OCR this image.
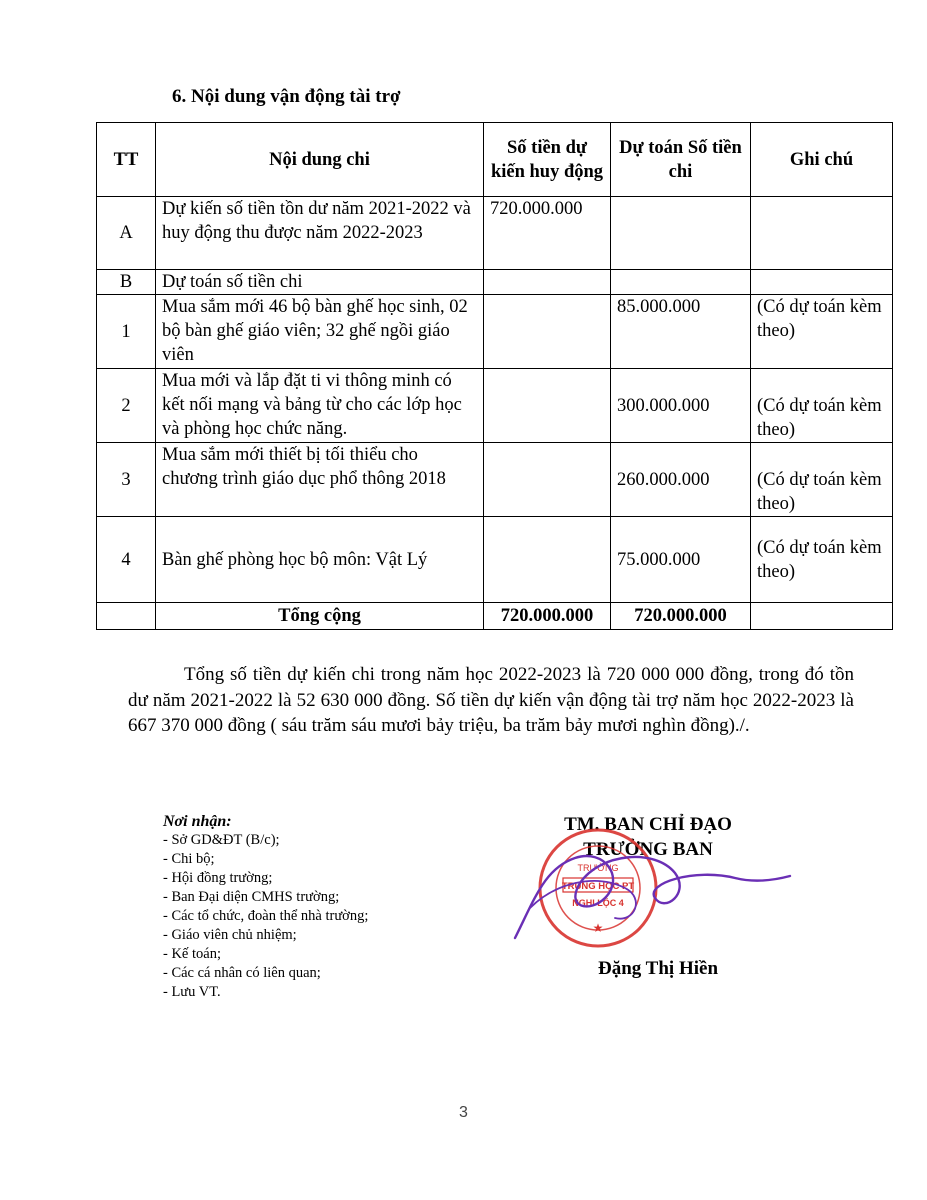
6. Nội dung vận động tài trợ
TT	Nội dung chi	Số tiền dự kiến huy động	Dự toán Số tiền chi	Ghi chú
A	Dự kiến số tiền tồn dư năm 2021-2022 và huy động thu được năm 2022-2023	720.000.000		
B	Dự toán số tiền chi			
1	Mua sắm mới 46 bộ bàn ghế học sinh, 02 bộ bàn ghế giáo viên; 32 ghế ngồi giáo viên		85.000.000	(Có dự toán kèm theo)
2	Mua mới và lắp đặt ti vi thông minh có kết nối mạng và bảng từ cho các lớp học và phòng học chức năng.		300.000.000	(Có dự toán kèm theo)
3	Mua sắm mới thiết bị tối thiểu cho chương trình giáo dục phổ thông 2018		260.000.000	(Có dự toán kèm theo)
4	Bàn ghế phòng học bộ môn: Vật Lý		75.000.000	(Có dự toán kèm theo)
	Tổng cộng	720.000.000	720.000.000	
Tổng số tiền dự kiến chi trong năm học 2022-2023 là 720 000 000 đồng, trong đó tồn dư năm 2021-2022 là 52 630 000 đồng. Số tiền dự kiến vận động tài trợ năm học 2022-2023 là 667 370 000 đồng ( sáu trăm sáu mươi bảy triệu, ba trăm bảy mươi nghìn đồng)./.
Nơi nhận:
- Sở GD&ĐT (B/c);
- Chi bộ;
- Hội đồng trường;
- Ban Đại diện CMHS trường;
- Các tổ chức, đoàn thể nhà trường;
- Giáo viên chủ nhiệm;
- Kế toán;
- Các cá nhân có liên quan;
- Lưu VT.
TM. BAN CHỈ ĐẠO
TRƯỞNG BAN
TRƯỜNG
TRUNG HỌC PT
NGHI LỘC 4
★
Đặng Thị Hiền
3
